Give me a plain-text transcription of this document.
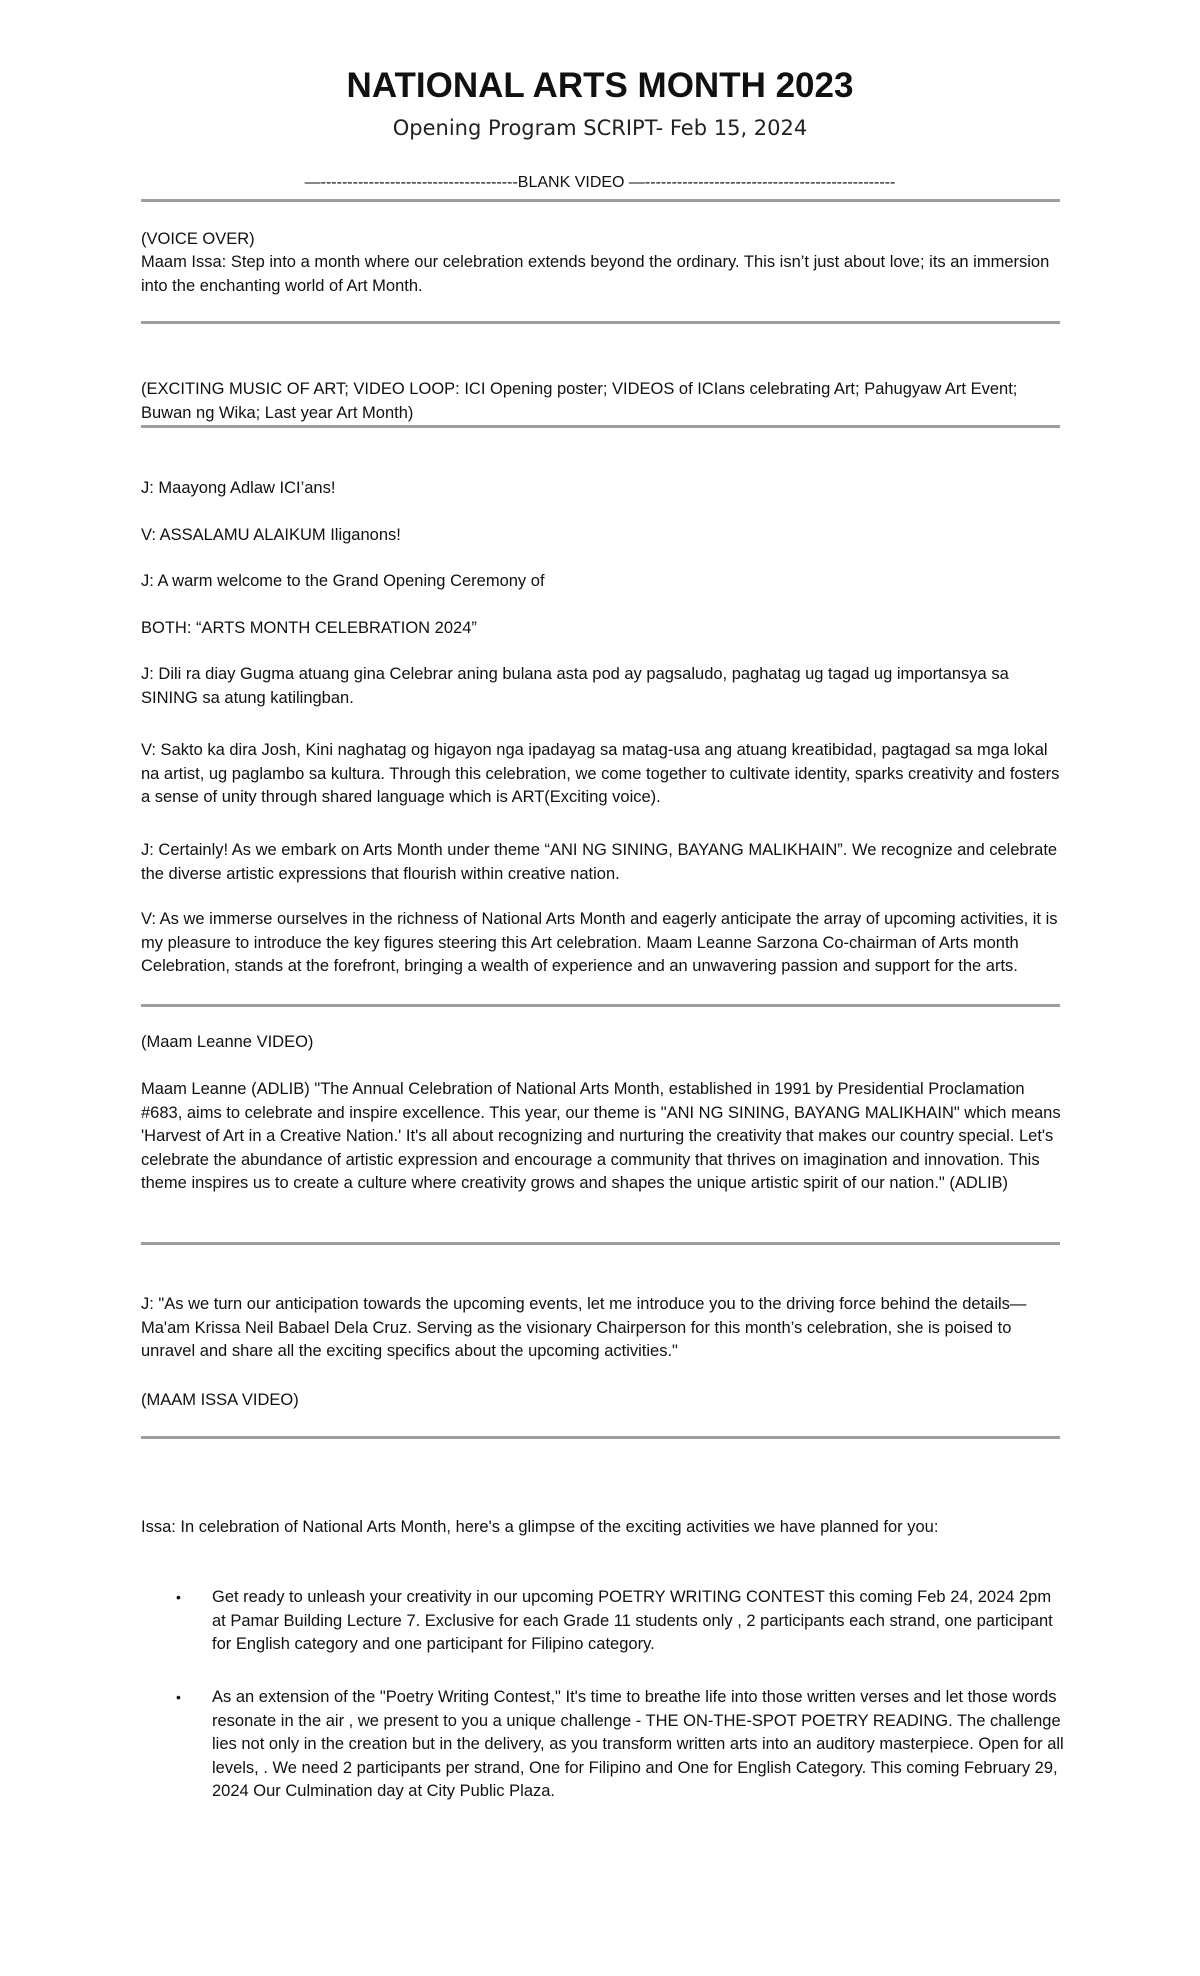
NATIONAL ARTS MONTH 2023
Opening Program SCRIPT- Feb 15, 2024
—-------------------------------------BLANK VIDEO —-----------------------------------------------

(VOICE OVER)

Maam Issa: Step into a month where our celebration extends beyond the ordinary. This isn’t just about love; its an immersion into the enchanting world of Art Month.

(EXCITING MUSIC OF ART; VIDEO LOOP: ICI Opening poster; VIDEOS of ICIans celebrating Art; Pahugyaw Art Event; Buwan ng Wika; Last year Art Month)

J: Maayong Adlaw ICI’ans!

V: ASSALAMU ALAIKUM Iliganons!

J: A warm welcome to the Grand Opening Ceremony of

BOTH: “ARTS MONTH CELEBRATION 2024”

J: Dili ra diay Gugma atuang gina Celebrar aning bulana asta pod ay pagsaludo, paghatag ug tagad ug importansya sa SINING sa atung katilingban.

V: Sakto ka dira Josh, Kini naghatag og higayon nga ipadayag sa matag-usa ang atuang kreatibidad, pagtagad sa mga lokal na artist, ug paglambo sa kultura. Through this celebration, we come together to cultivate identity, sparks creativity and fosters a sense of unity through shared language which is ART(Exciting voice).

J: Certainly! As we embark on Arts Month under theme “ANI NG SINING, BAYANG MALIKHAIN”. We recognize and celebrate the diverse artistic expressions that flourish within creative nation.

V: As we immerse ourselves in the richness of National Arts Month and eagerly anticipate the array of upcoming activities, it is my pleasure to introduce the key figures steering this Art celebration. Maam Leanne Sarzona Co-chairman of Arts month Celebration, stands at the forefront, bringing a wealth of experience and an unwavering passion and support for the arts.

(Maam Leanne VIDEO)

Maam Leanne (ADLIB) "The Annual Celebration of National Arts Month, established in 1991 by Presidential Proclamation #683, aims to celebrate and inspire excellence. This year, our theme is "ANI NG SINING, BAYANG MALIKHAIN" which means 'Harvest of Art in a Creative Nation.' It's all about recognizing and nurturing the creativity that makes our country special. Let's celebrate the abundance of artistic expression and encourage a community that thrives on imagination and innovation. This theme inspires us to create a culture where creativity grows and shapes the unique artistic spirit of our nation." (ADLIB)

J: "As we turn our anticipation towards the upcoming events, let me introduce you to the driving force behind the details—Ma'am Krissa Neil Babael Dela Cruz. Serving as the visionary Chairperson for this month’s celebration, she is poised to unravel and share all the exciting specifics about the upcoming activities."

(MAAM ISSA VIDEO)

Issa: In celebration of National Arts Month, here's a glimpse of the exciting activities we have planned for you:

• Get ready to unleash your creativity in our upcoming POETRY WRITING CONTEST this coming Feb 24, 2024 2pm at Pamar Building Lecture 7. Exclusive for each Grade 11 students only , 2 participants each strand, one participant for English category and one participant for Filipino category.

• As an extension of the "Poetry Writing Contest," It's time to breathe life into those written verses and let those words resonate in the air , we present to you a unique challenge - THE ON-THE-SPOT POETRY READING. The challenge lies not only in the creation but in the delivery, as you transform written arts into an auditory masterpiece. Open for all levels, . We need 2 participants per strand, One for Filipino and One for English Category. This coming February 29, 2024 Our Culmination day at City Public Plaza.
